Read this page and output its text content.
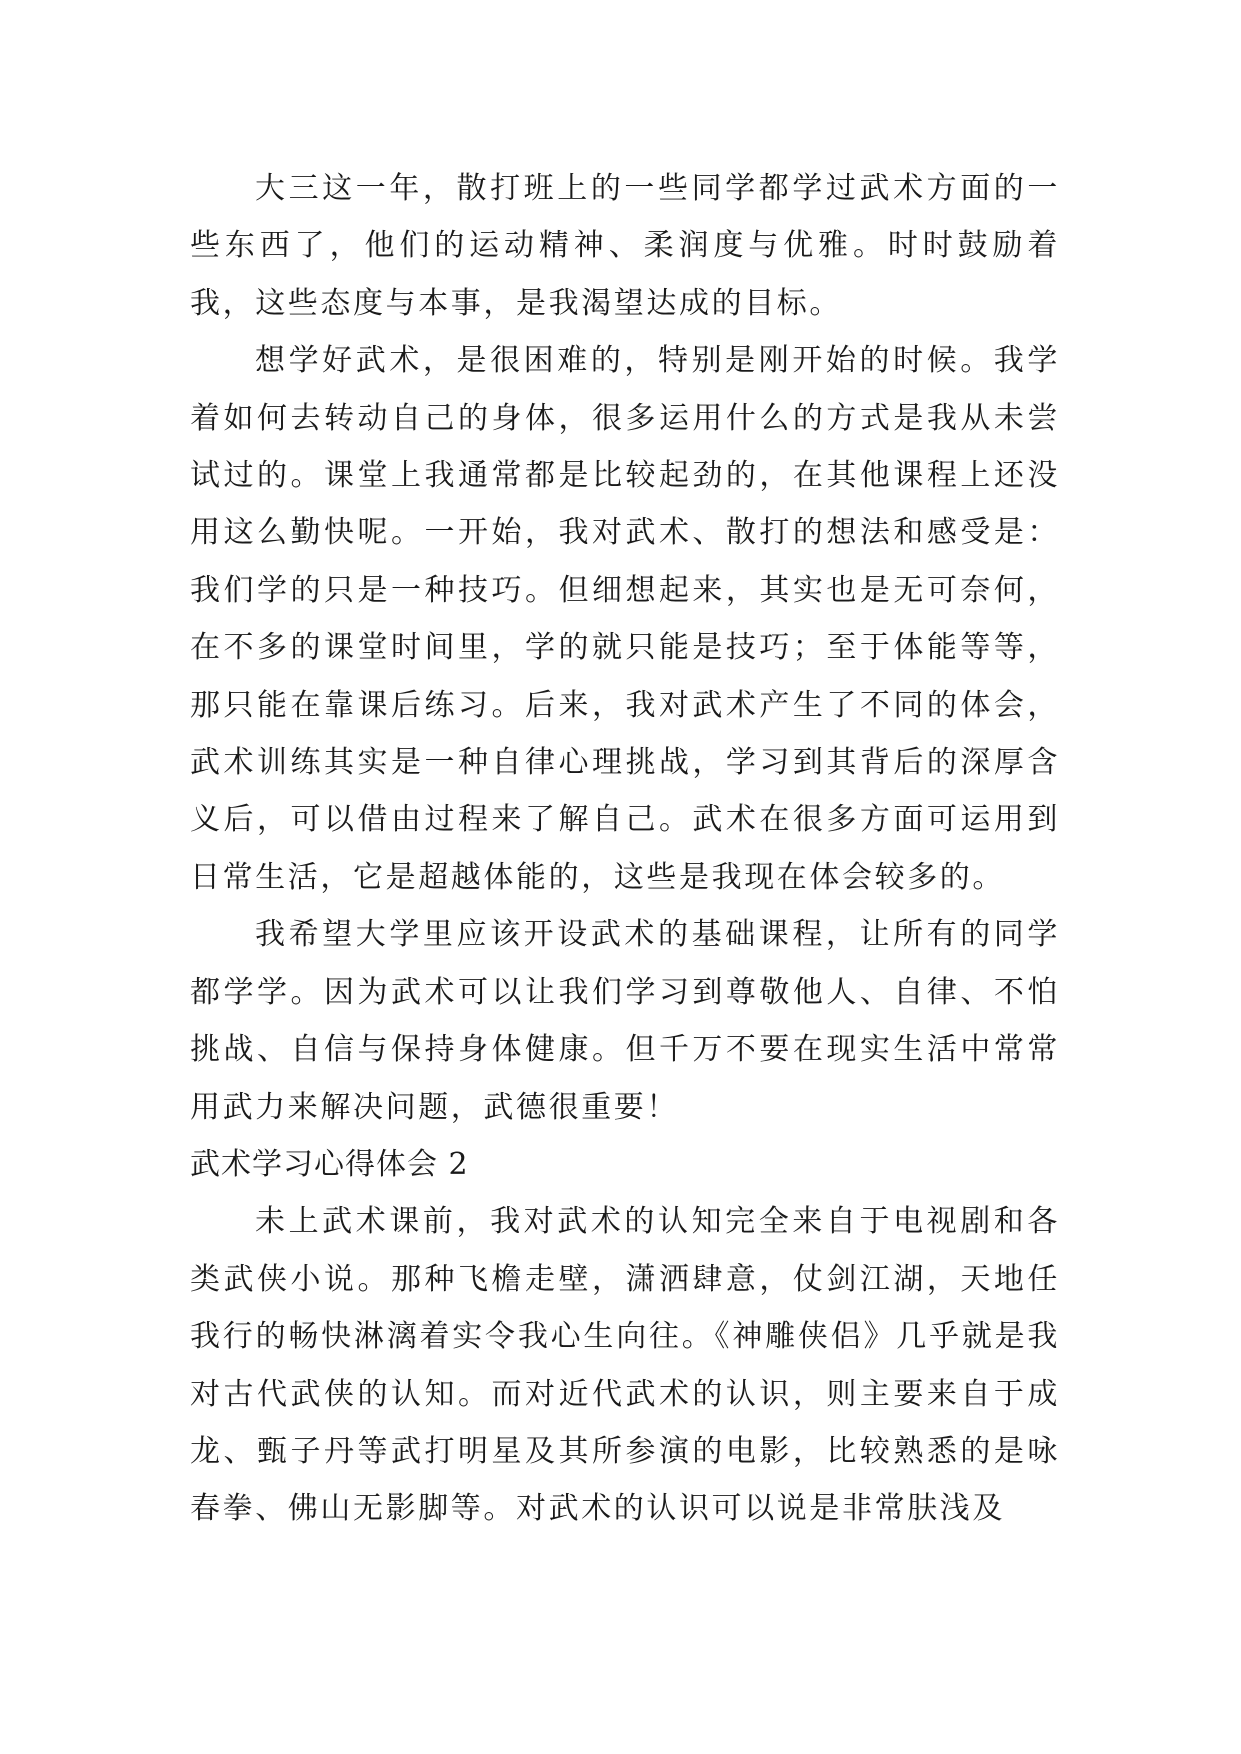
大三这一年，散打班上的一些同学都学过武术方面的一些东西了，他们的运动精神、柔润度与优雅。时时鼓励着我，这些态度与本事，是我渴望达成的目标。

想学好武术，是很困难的，特别是刚开始的时候。我学着如何去转动自己的身体，很多运用什么的方式是我从未尝试过的。课堂上我通常都是比较起劲的，在其他课程上还没用这么勤快呢。一开始，我对武术、散打的想法和感受是：我们学的只是一种技巧。但细想起来，其实也是无可奈何，在不多的课堂时间里，学的就只能是技巧；至于体能等等，那只能在靠课后练习。后来，我对武术产生了不同的体会，武术训练其实是一种自律心理挑战，学习到其背后的深厚含义后，可以借由过程来了解自己。武术在很多方面可运用到日常生活，它是超越体能的，这些是我现在体会较多的。

我希望大学里应该开设武术的基础课程，让所有的同学都学学。因为武术可以让我们学习到尊敬他人、自律、不怕挑战、自信与保持身体健康。但千万不要在现实生活中常常用武力来解决问题，武德很重要！

武术学习心得体会 2

未上武术课前，我对武术的认知完全来自于电视剧和各类武侠小说。那种飞檐走壁，潇洒肆意，仗剑江湖，天地任我行的畅快淋漓着实令我心生向往。《神雕侠侣》几乎就是我对古代武侠的认知。而对近代武术的认识，则主要来自于成龙、甄子丹等武打明星及其所参演的电影，比较熟悉的是咏春拳、佛山无影脚等。对武术的认识可以说是非常肤浅及
